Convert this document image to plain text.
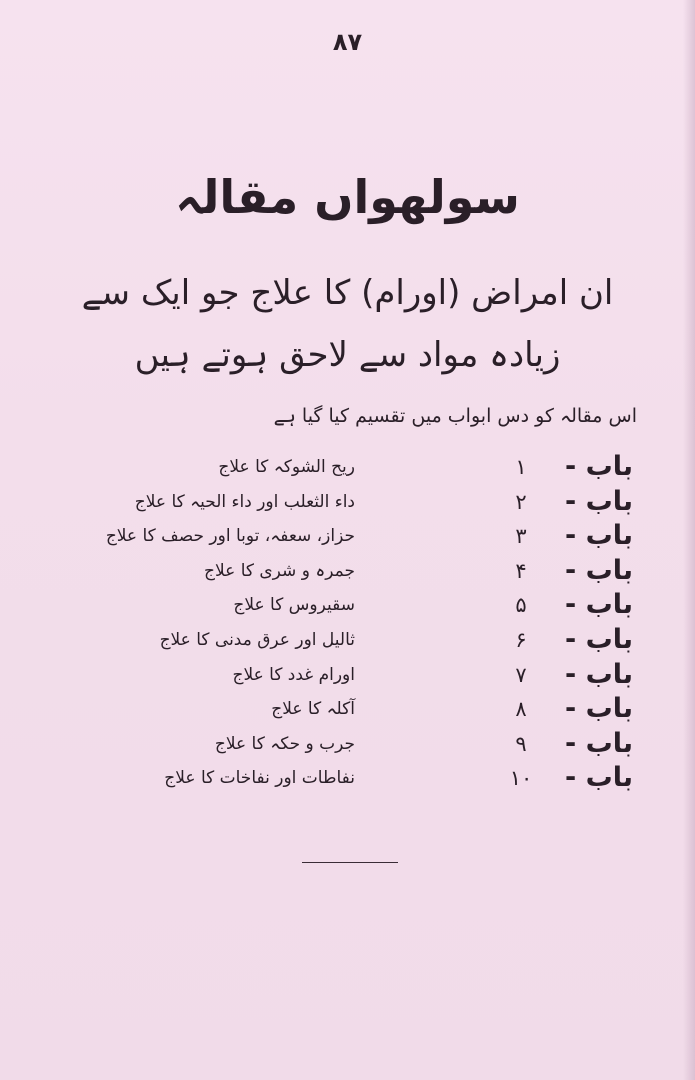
۸۷
سولھواں مقالہ
ان امراض (اورام) کا علاج جو ایک سے زیادہ مواد سے لاحق ہوتے ہیں
اس مقالہ کو دس ابواب میں تقسیم کیا گیا ہے
باب -
۱
ریح الشوکہ کا علاج
باب -
۲
داء الثعلب اور داء الحیہ کا علاج
باب -
۳
حزاز، سعفہ، توبا اور حصف کا علاج
باب -
۴
جمرہ و شری کا علاج
باب -
۵
سقیروس کا علاج
باب -
۶
ثالیل اور عرق مدنی کا علاج
باب -
۷
اورام غدد کا علاج
باب -
۸
آکلہ کا علاج
باب -
۹
جرب و حکہ کا علاج
باب -
۱۰
نفاطات اور نفاخات کا علاج
